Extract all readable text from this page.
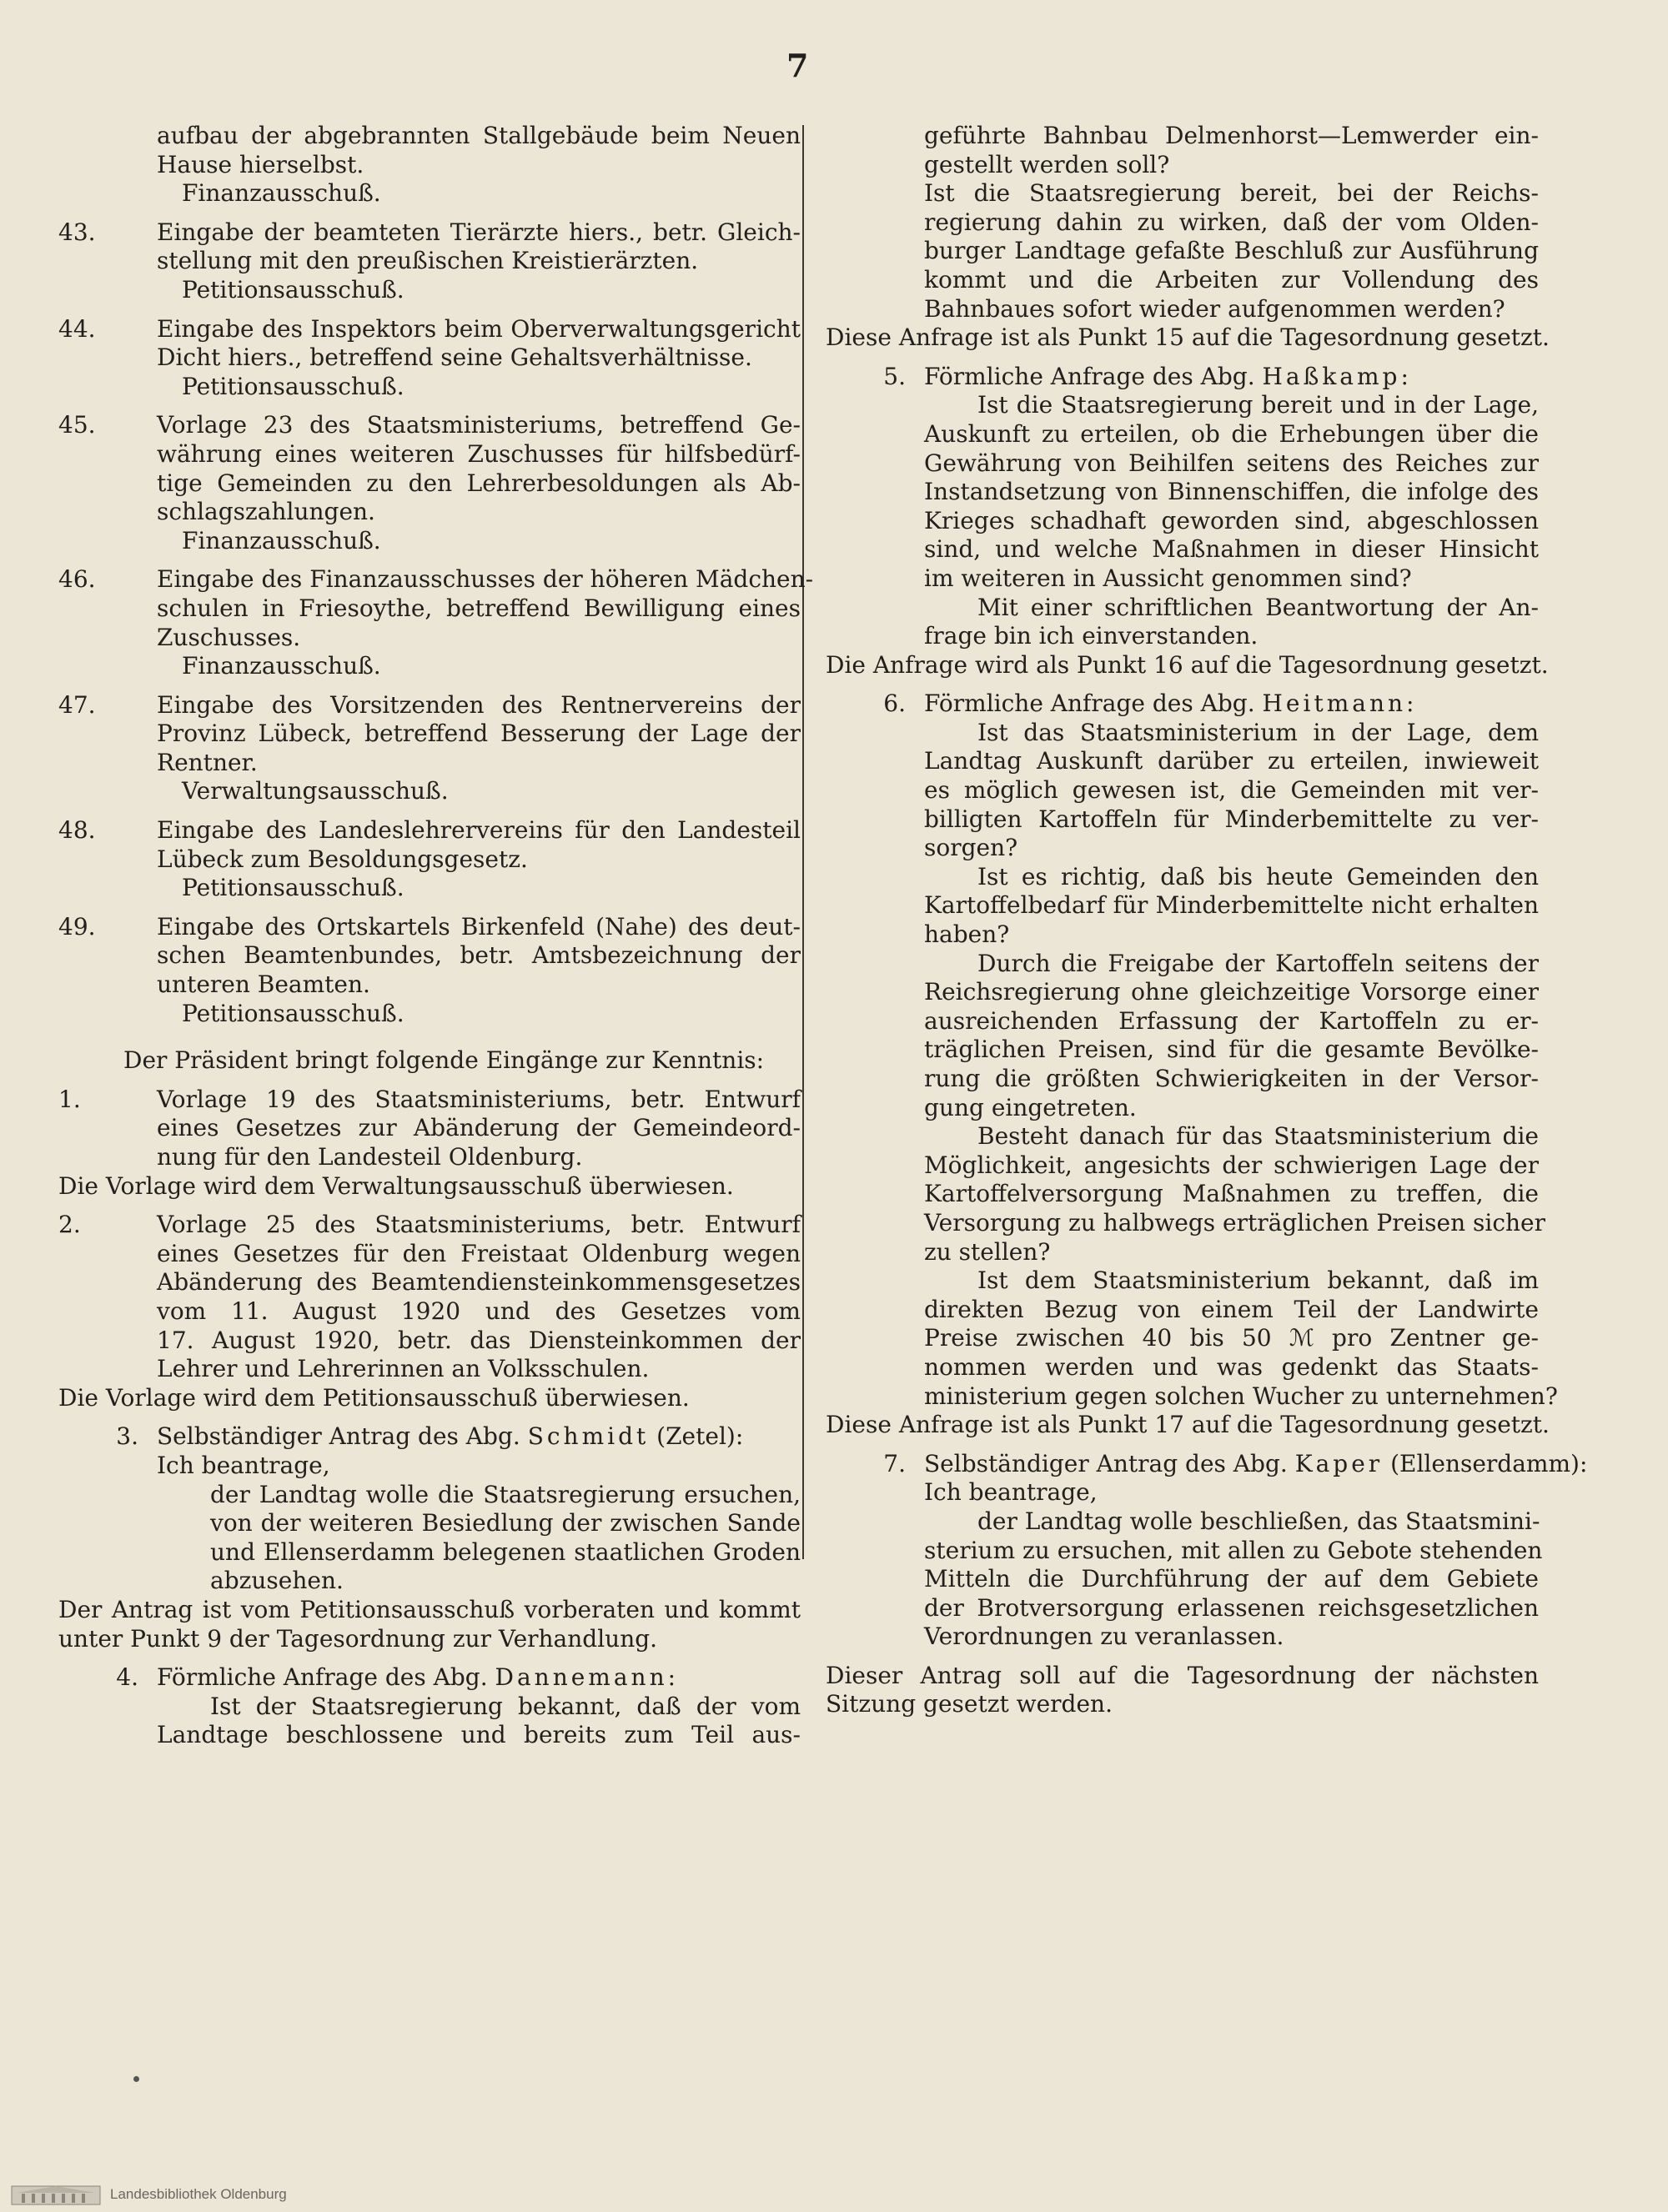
7
aufbau der abgebrannten Stallgebäude beim Neuen
Hause hierselbst.
Finanzausschuß.
43.	Eingabe der beamteten Tierärzte hiers., betr. Gleich-
stellung mit den preußischen Kreistierärzten.
Petitionsausschuß.
44.	Eingabe des Inspektors beim Oberverwaltungsgericht
Dicht hiers., betreffend seine Gehaltsverhältnisse.
Petitionsausschuß.
45.	Vorlage 23 des Staatsministeriums, betreffend Ge-
währung eines weiteren Zuschusses für hilfsbedürf-
tige Gemeinden zu den Lehrerbesoldungen als Ab-
schlagszahlungen.
Finanzausschuß.
46.	Eingabe des Finanzausschusses der höheren Mädchen-
schulen in Friesoythe, betreffend Bewilligung eines
Zuschusses.
Finanzausschuß.
47.	Eingabe des Vorsitzenden des Rentnervereins der
Provinz Lübeck, betreffend Besserung der Lage der
Rentner.
Verwaltungsausschuß.
48.	Eingabe des Landeslehrervereins für den Landesteil
Lübeck zum Besoldungsgesetz.
Petitionsausschuß.
49.	Eingabe des Ortskartels Birkenfeld (Nahe) des deut-
schen Beamtenbundes, betr. Amtsbezeichnung der
unteren Beamten.
Petitionsausschuß.
Der Präsident bringt folgende Eingänge zur Kenntnis:
1.	Vorlage 19 des Staatsministeriums, betr. Entwurf
eines Gesetzes zur Abänderung der Gemeindeord-
nung für den Landesteil Oldenburg.
Die Vorlage wird dem Verwaltungsausschuß überwiesen.
2.	Vorlage 25 des Staatsministeriums, betr. Entwurf
eines Gesetzes für den Freistaat Oldenburg wegen
Abänderung des Beamtendiensteinkommensgesetzes
vom 11. August 1920 und des Gesetzes vom
17. August 1920, betr. das Diensteinkommen der
Lehrer und Lehrerinnen an Volksschulen.
Die Vorlage wird dem Petitionsausschuß überwiesen.
3. Selbständiger Antrag des Abg. Schmidt (Zetel):
Ich beantrage,
der Landtag wolle die Staatsregierung ersuchen,
von der weiteren Besiedlung der zwischen Sande
und Ellenserdamm belegenen staatlichen Groden
abzusehen.
Der Antrag ist vom Petitionsausschuß vorberaten und kommt
unter Punkt 9 der Tagesordnung zur Verhandlung.
4. Förmliche Anfrage des Abg. Dannemann:
Ist der Staatsregierung bekannt, daß der vom
Landtage beschlossene und bereits zum Teil aus-
geführte Bahnbau Delmenhorst—Lemwerder ein-
gestellt werden soll?
Ist die Staatsregierung bereit, bei der Reichs-
regierung dahin zu wirken, daß der vom Olden-
burger Landtage gefaßte Beschluß zur Ausführung
kommt und die Arbeiten zur Vollendung des
Bahnbaues sofort wieder aufgenommen werden?
Diese Anfrage ist als Punkt 15 auf die Tagesordnung gesetzt.
5. Förmliche Anfrage des Abg. Haßkamp:
Ist die Staatsregierung bereit und in der Lage,
Auskunft zu erteilen, ob die Erhebungen über die
Gewährung von Beihilfen seitens des Reiches zur
Instandsetzung von Binnenschiffen, die infolge des
Krieges schadhaft geworden sind, abgeschlossen
sind, und welche Maßnahmen in dieser Hinsicht
im weiteren in Aussicht genommen sind?
Mit einer schriftlichen Beantwortung der An-
frage bin ich einverstanden.
Die Anfrage wird als Punkt 16 auf die Tagesordnung gesetzt.
6. Förmliche Anfrage des Abg. Heitmann:
Ist das Staatsministerium in der Lage, dem
Landtag Auskunft darüber zu erteilen, inwieweit
es möglich gewesen ist, die Gemeinden mit ver-
billigten Kartoffeln für Minderbemittelte zu ver-
sorgen?
Ist es richtig, daß bis heute Gemeinden den
Kartoffelbedarf für Minderbemittelte nicht erhalten
haben?
Durch die Freigabe der Kartoffeln seitens der
Reichsregierung ohne gleichzeitige Vorsorge einer
ausreichenden Erfassung der Kartoffeln zu er-
träglichen Preisen, sind für die gesamte Bevölke-
rung die größten Schwierigkeiten in der Versor-
gung eingetreten.
Besteht danach für das Staatsministerium die
Möglichkeit, angesichts der schwierigen Lage der
Kartoffelversorgung Maßnahmen zu treffen, die
Versorgung zu halbwegs erträglichen Preisen sicher
zu stellen?
Ist dem Staatsministerium bekannt, daß im
direkten Bezug von einem Teil der Landwirte
Preise zwischen 40 bis 50 ℳ pro Zentner ge-
nommen werden und was gedenkt das Staats-
ministerium gegen solchen Wucher zu unternehmen?
Diese Anfrage ist als Punkt 17 auf die Tagesordnung gesetzt.
7. Selbständiger Antrag des Abg. Kaper (Ellenserdamm):
Ich beantrage,
der Landtag wolle beschließen, das Staatsmini-
sterium zu ersuchen, mit allen zu Gebote stehenden
Mitteln die Durchführung der auf dem Gebiete
der Brotversorgung erlassenen reichsgesetzlichen
Verordnungen zu veranlassen.
Dieser Antrag soll auf die Tagesordnung der nächsten
Sitzung gesetzt werden.
Landesbibliothek Oldenburg
